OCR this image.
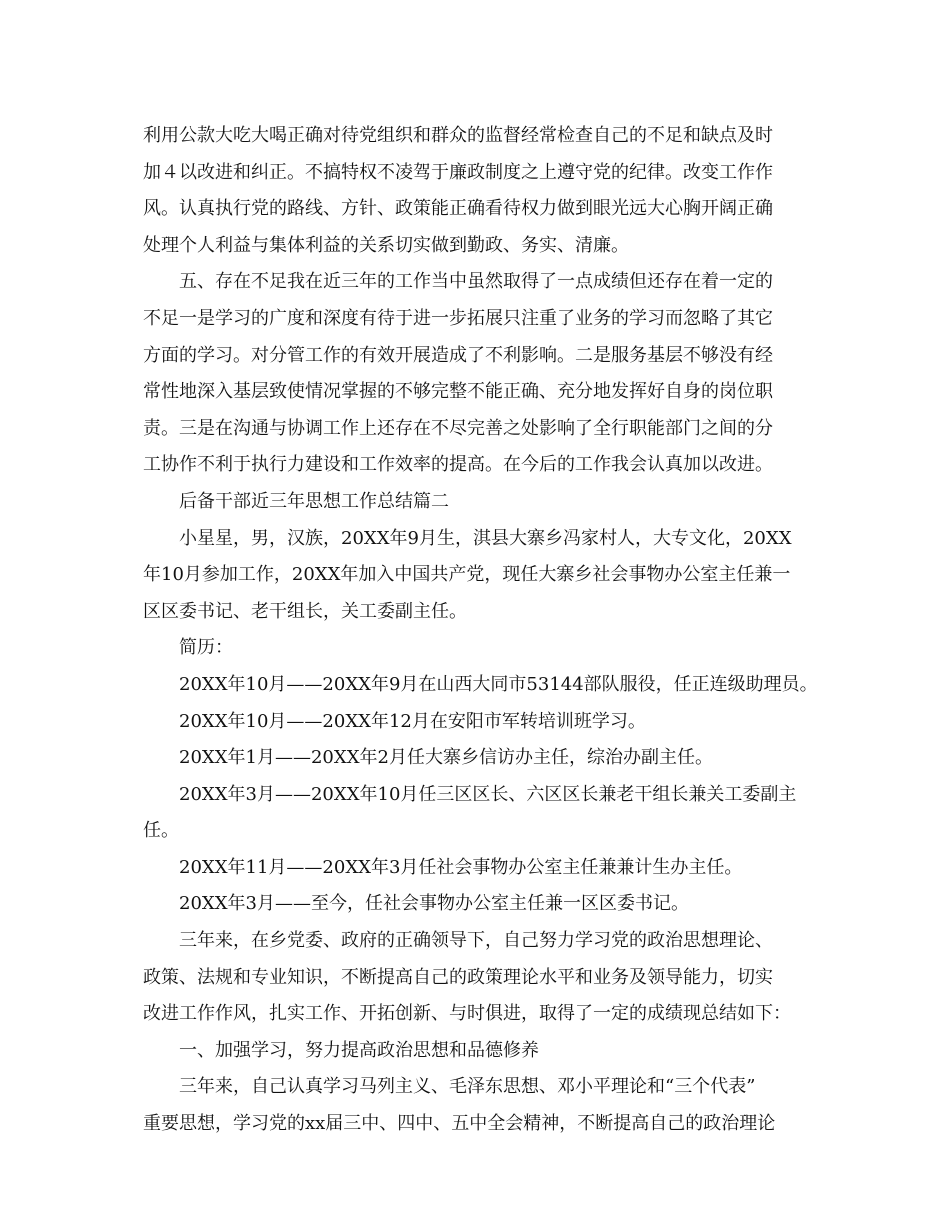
利用公款大吃大喝正确对待党组织和群众的监督经常检查自己的不足和缺点及时

加４以改进和纠正。不搞特权不凌驾于廉政制度之上遵守党的纪律。改变工作作

风。认真执行党的路线、方针、政策能正确看待权力做到眼光远大心胸开阔正确

处理个人利益与集体利益的关系切实做到勤政、务实、清廉。

五、存在不足我在近三年的工作当中虽然取得了一点成绩但还存在着一定的

不足一是学习的广度和深度有待于进一步拓展只注重了业务的学习而忽略了其它

方面的学习。对分管工作的有效开展造成了不利影响。二是服务基层不够没有经

常性地深入基层致使情况掌握的不够完整不能正确、充分地发挥好自身的岗位职

责。三是在沟通与协调工作上还存在不尽完善之处影响了全行职能部门之间的分

工协作不利于执行力建设和工作效率的提高。在今后的工作我会认真加以改进。

后备干部近三年思想工作总结篇二

小星星，男，汉族，20XX年9月生，淇县大寨乡冯家村人，大专文化，20XX

年10月参加工作，20XX年加入中国共产党，现任大寨乡社会事物办公室主任兼一

区区委书记、老干组长，关工委副主任。

简历：

20XX年10月——20XX年9月在山西大同市53144部队服役，任正连级助理员。

20XX年10月——20XX年12月在安阳市军转培训班学习。

20XX年1月——20XX年2月任大寨乡信访办主任，综治办副主任。

20XX年3月——20XX年10月任三区区长、六区区长兼老干组长兼关工委副主

任。

20XX年11月——20XX年3月任社会事物办公室主任兼兼计生办主任。

20XX年3月——至今，任社会事物办公室主任兼一区区委书记。

三年来，在乡党委、政府的正确领导下，自己努力学习党的政治思想理论、

政策、法规和专业知识，不断提高自己的政策理论水平和业务及领导能力，切实

改进工作作风，扎实工作、开拓创新、与时俱进，取得了一定的成绩现总结如下：

一、加强学习，努力提高政治思想和品德修养

三年来，自己认真学习马列主义、毛泽东思想、邓小平理论和“三个代表”

重要思想，学习党的xx届三中、四中、五中全会精神，不断提高自己的政治理论
